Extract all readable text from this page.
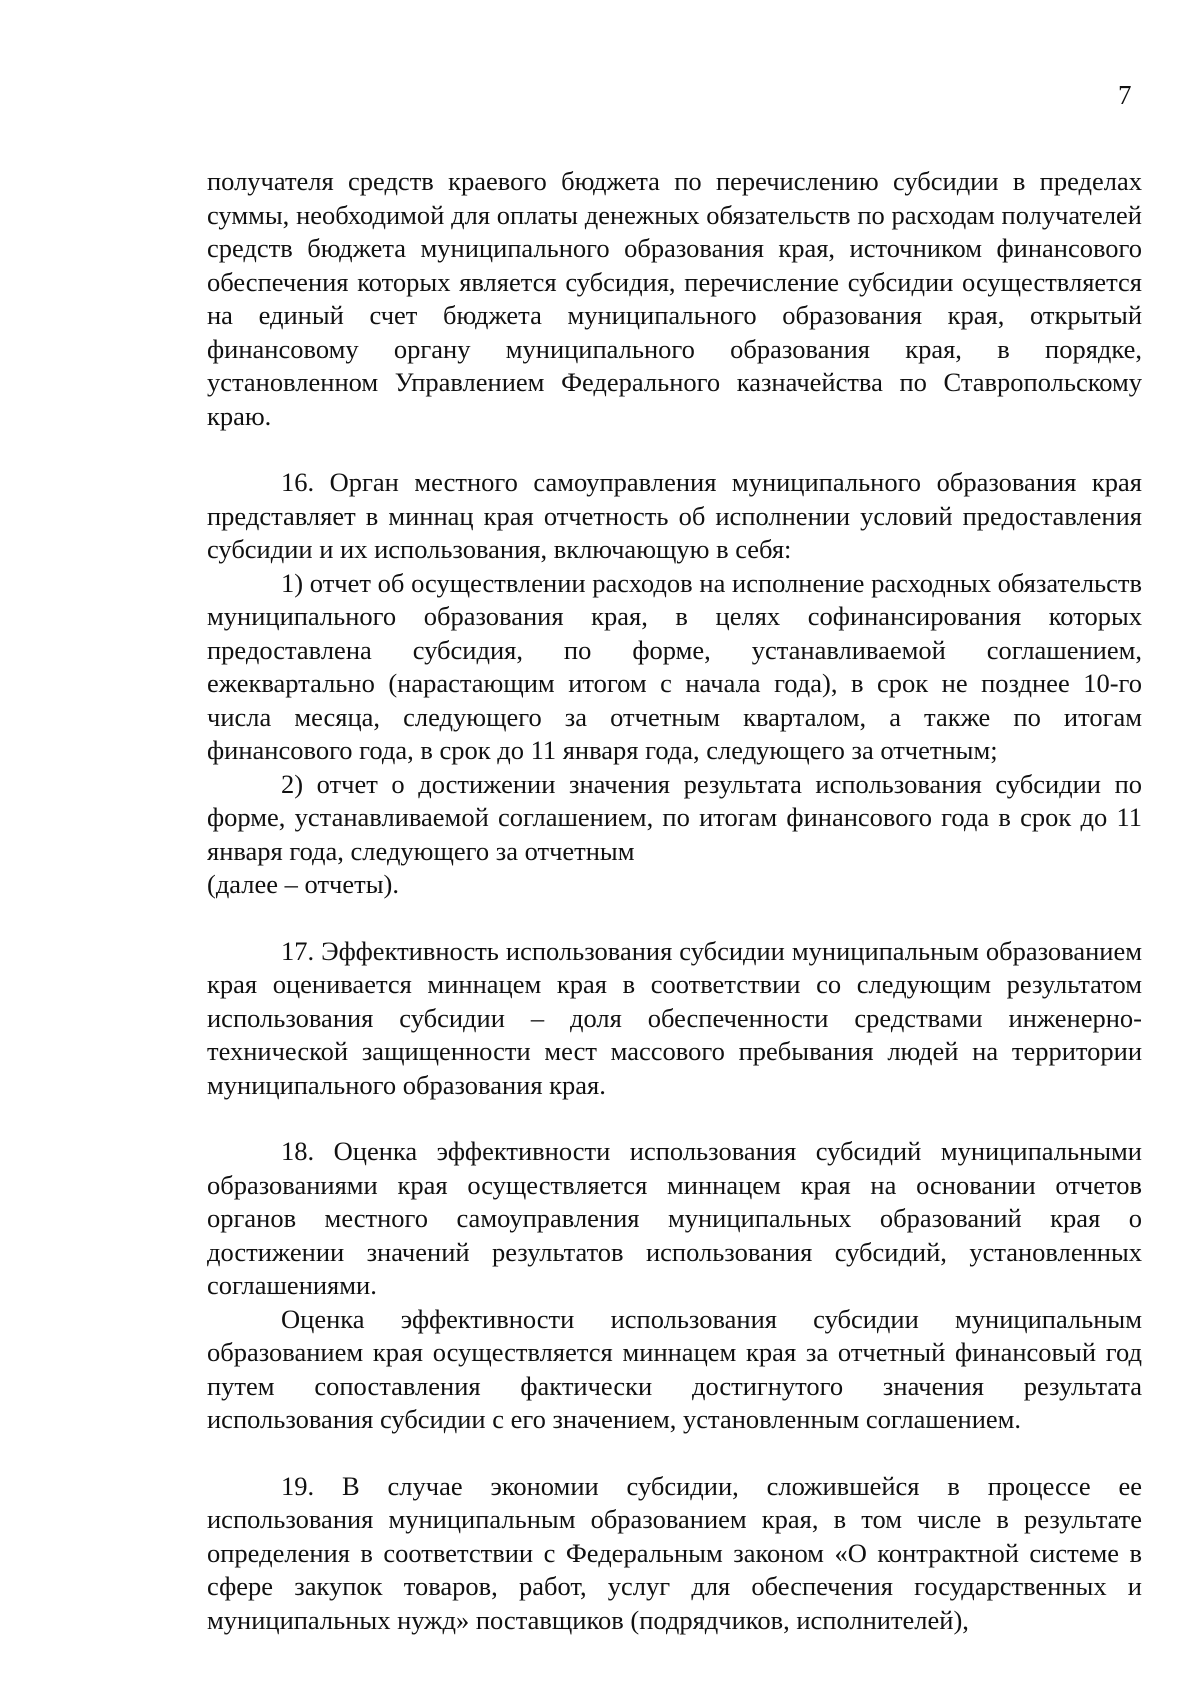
7

получателя средств краевого бюджета по перечислению субсидии в пределах суммы, необходимой для оплаты денежных обязательств по расходам получателей средств бюджета муниципального образования края, источником финансового обеспечения которых является субсидия, перечисление субсидии осуществляется на единый счет бюджета муниципального образования края, открытый финансовому органу муниципального образования края, в порядке, установленном Управлением Федерального казначейства по Ставропольскому краю.

16. Орган местного самоуправления муниципального образования края представляет в миннац края отчетность об исполнении условий предоставления субсидии и их использования, включающую в себя:

1) отчет об осуществлении расходов на исполнение расходных обязательств муниципального образования края, в целях софинансирования которых предоставлена субсидия, по форме, устанавливаемой соглашением, ежеквартально (нарастающим итогом с начала года), в срок не позднее 10-го числа месяца, следующего за отчетным кварталом, а также по итогам финансового года, в срок до 11 января года, следующего за отчетным;

2) отчет о достижении значения результата использования субсидии по форме, устанавливаемой соглашением, по итогам финансового года в срок до 11 января года, следующего за отчетным

(далее – отчеты).

17. Эффективность использования субсидии муниципальным образованием края оценивается миннацем края в соответствии со следующим результатом использования субсидии – доля обеспеченности средствами инженерно-технической защищенности мест массового пребывания людей на территории муниципального образования края.

18. Оценка эффективности использования субсидий муниципальными образованиями края осуществляется миннацем края на основании отчетов органов местного самоуправления муниципальных образований края о достижении значений результатов использования субсидий, установленных соглашениями.

Оценка эффективности использования субсидии муниципальным образованием края осуществляется миннацем края за отчетный финансовый год путем сопоставления фактически достигнутого значения результата использования субсидии с его значением, установленным соглашением.

19. В случае экономии субсидии, сложившейся в процессе ее использования муниципальным образованием края, в том числе в результате определения в соответствии с Федеральным законом «О контрактной системе в сфере закупок товаров, работ, услуг для обеспечения государственных и муниципальных нужд» поставщиков (подрядчиков, исполнителей),
